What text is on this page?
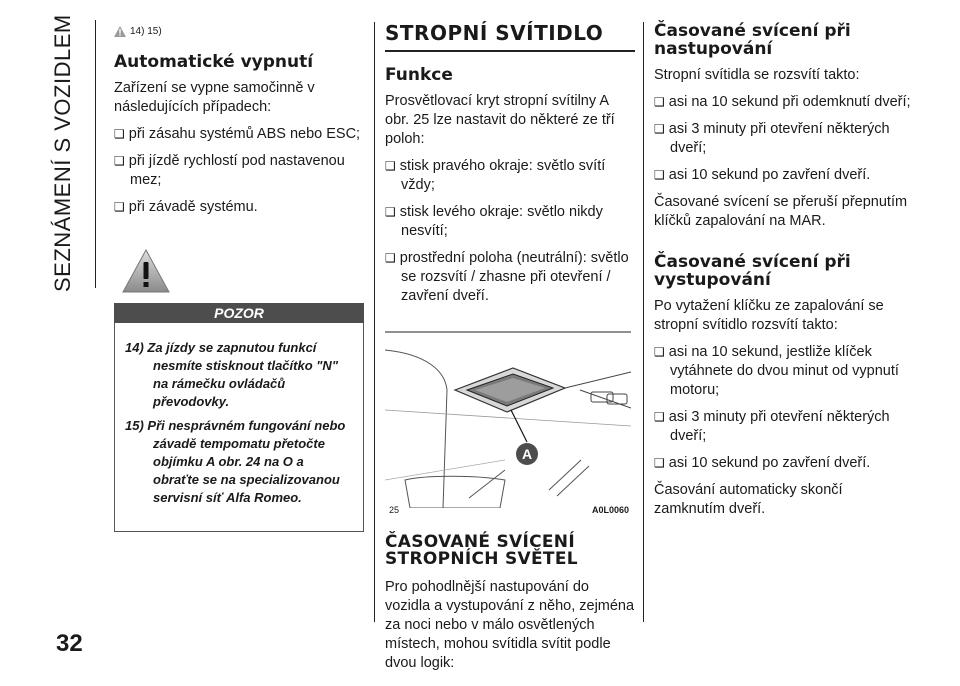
SEZNÁMENÍ S VOZIDLEM
32
14) 15)
Automatické vypnutí

Zařízení se vypne samočinně v následujících případech:

❑ při zásahu systémů ABS nebo ESC;
❑ při jízdě rychlostí pod nastavenou mez;
❑ při závadě systému.
POZOR
14) Za jízdy se zapnutou funkcí nesmíte stisknout tlačítko "N" na rámečku ovládačů převodovky.
15) Při nesprávném fungování nebo závadě tempomatu přetočte objímku A obr. 24 na O a obraťte se na specializovanou servisní síť Alfa Romeo.
STROPNÍ SVÍTIDLO
Funkce

Prosvětlovací kryt stropní svítilny A obr. 25 lze nastavit do některé ze tří poloh:

❑ stisk pravého okraje: světlo svítí vždy;
❑ stisk levého okraje: světlo nikdy nesvítí;
❑ prostřední poloha (neutrální): světlo se rozsvítí / zhasne při otevření / zavření dveří.
A
25	A0L0060
ČASOVANÉ SVÍCENÍ STROPNÍCH SVĚTEL

Pro pohodlnější nastupování do vozidla a vystupování z něho, zejména za noci nebo v málo osvětlených místech, mohou svítidla svítit podle dvou logik:

Časované svícení při nastupování

Stropní svítidla se rozsvítí takto:

❑ asi na 10 sekund při odemknutí dveří;
❑ asi 3 minuty při otevření některých dveří;
❑ asi 10 sekund po zavření dveří.

Časované svícení se přeruší přepnutím klíčků zapalování na MAR.

Časované svícení při vystupování

Po vytažení klíčku ze zapalování se stropní svítidlo rozsvítí takto:

❑ asi na 10 sekund, jestliže klíček vytáhnete do dvou minut od vypnutí motoru;
❑ asi 3 minuty při otevření některých dveří;
❑ asi 10 sekund po zavření dveří.

Časování automaticky skončí zamknutím dveří.
